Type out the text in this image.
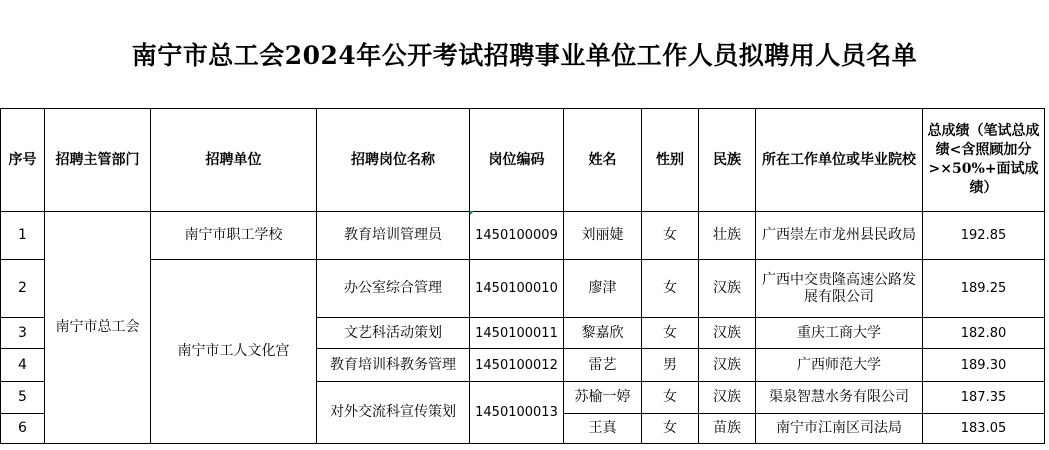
南宁市总工会2024年公开考试招聘事业单位工作人员拟聘用人员名单
序号	招聘主管部门	招聘单位	招聘岗位名称	岗位编码	姓名	性别	民族	所在工作单位或毕业院校	总成绩（笔试总成绩<含照顾加分>×50%+面试成绩）
1	南宁市总工会	南宁市职工学校	教育培训管理员	1450100009	刘丽婕	女	壮族	广西崇左市龙州县民政局	192.85
2		南宁市工人文化宫	办公室综合管理	1450100010	廖津	女	汉族	广西中交贵隆高速公路发展有限公司	189.25
3			文艺科活动策划	1450100011	黎嘉欣	女	汉族	重庆工商大学	182.80
4			教育培训科教务管理	1450100012	雷艺	男	汉族	广西师范大学	189.30
5			对外交流科宣传策划	1450100013	苏榆一婷	女	汉族	渠泉智慧水务有限公司	187.35
6					王真	女	苗族	南宁市江南区司法局	183.05
